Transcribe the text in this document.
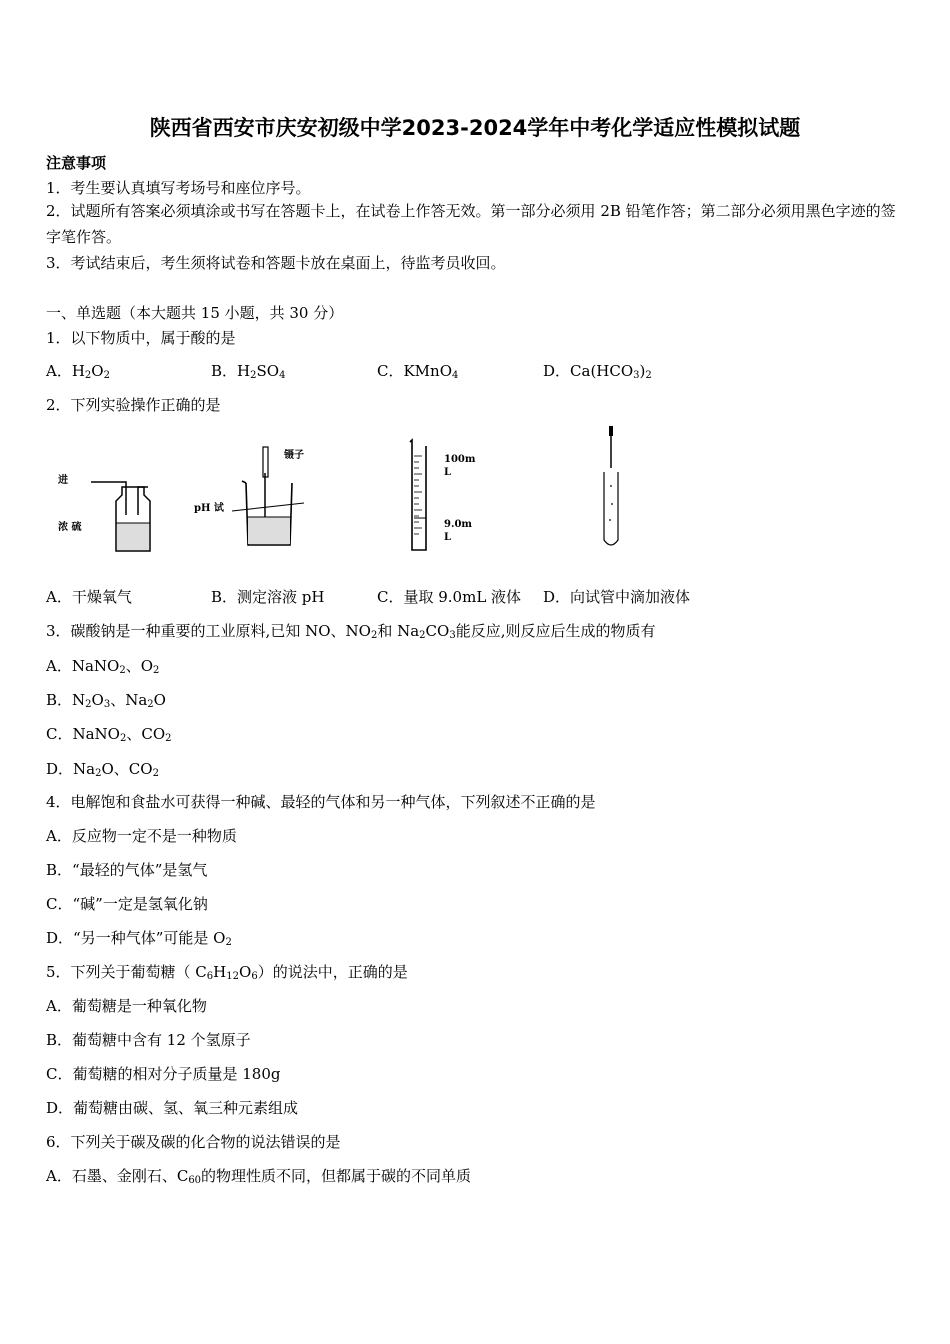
陕西省西安市庆安初级中学2023-2024学年中考化学适应性模拟试题
注意事项
1．考生要认真填写考场号和座位序号。
2．试题所有答案必须填涂或书写在答题卡上，在试卷上作答无效。第一部分必须用 2B 铅笔作答；第二部分必须用黑色字迹的签字笔作答。
3．考试结束后，考生须将试卷和答题卡放在桌面上，待监考员收回。
一、单选题（本大题共 15 小题，共 30 分）
1．以下物质中，属于酸的是
A．$H_2O_2$	B．$H_2SO_4$	C．KMnO$_4$	D．$Ca(HCO_3)_2$
2．下列实验操作正确的是
进
浓 硫
镊子
pH 试
100m
L
9.0m
L
A．干燥氧气	B．测定溶液 pH	C．量取 9.0mL 液体 D．向试管中滴加液体
3．碳酸钠是一种重要的工业原料,已知 NO、$NO_2$和 $Na_2CO_3$能反应,则反应后生成的物质有
A．NaNO$_2$、$O_2$
B．$N_2O_3$、$Na_2O$
C．NaNO$_2$、$CO_2$
D．$Na_2O$、$CO_2$
4．电解饱和食盐水可获得一种碱、最轻的气体和另一种气体，下列叙述不正确的是
A．反应物一定不是一种物质
B．“最轻的气体”是氢气
C．“碱”一定是氢氧化钠
D．“另一种气体”可能是 $O_2$
5．下列关于葡萄糖（ $C_6H_{12}O_6$）的说法中，正确的是
A．葡萄糖是一种氧化物
B．葡萄糖中含有 12 个氢原子
C．葡萄糖的相对分子质量是 180g
D．葡萄糖由碳、氢、氧三种元素组成
6．下列关于碳及碳的化合物的说法错误的是
A．石墨、金刚石、$C_{60}$的物理性质不同，但都属于碳的不同单质
